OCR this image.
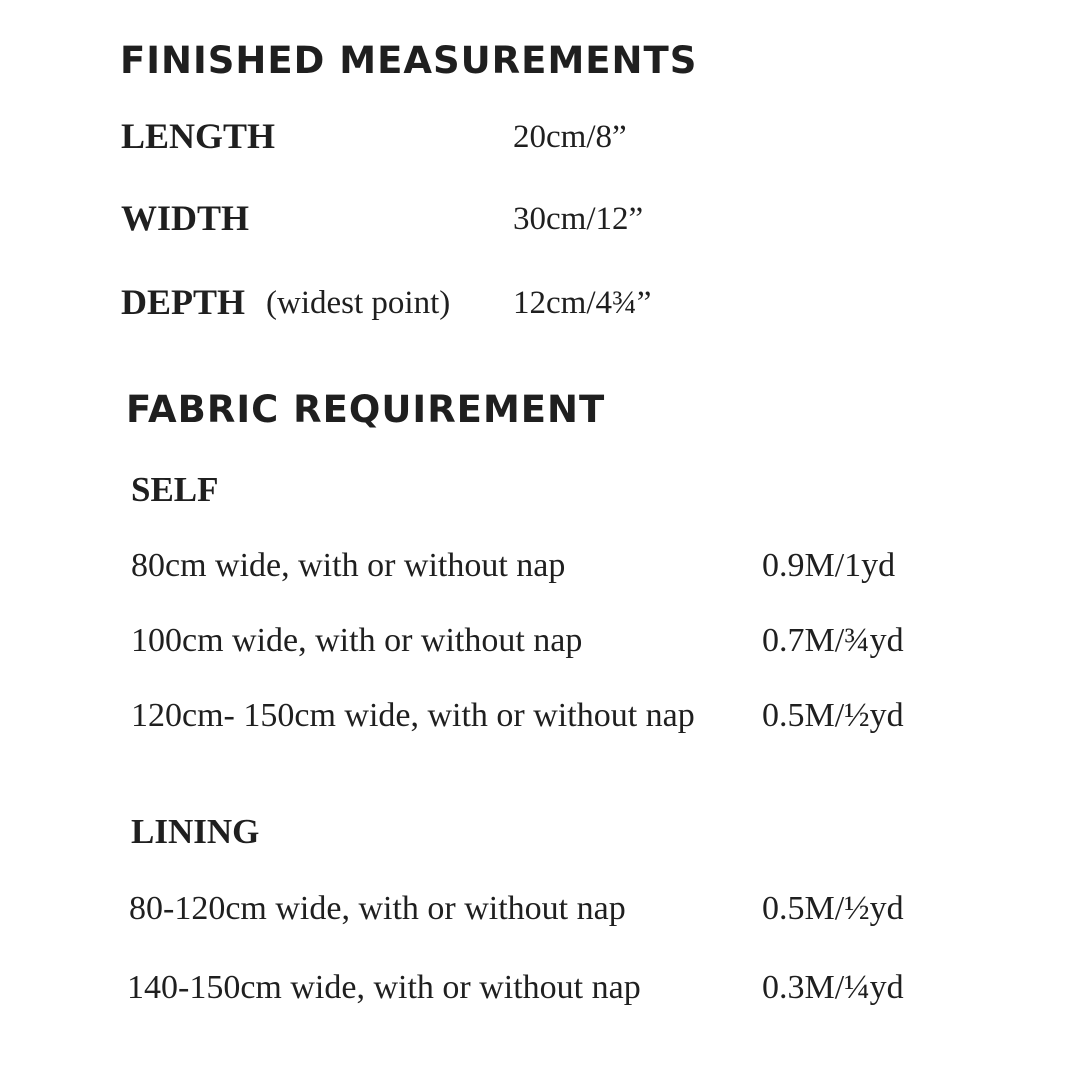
FINISHED MEASUREMENTS
LENGTH	20cm/8”
WIDTH	30cm/12”
DEPTH (widest point) 12cm/4¾”
FABRIC REQUIREMENT
SELF
80cm wide, with or without nap	0.9M/1yd
100cm wide, with or without nap	0.7M/¾yd
120cm- 150cm wide, with or without nap 0.5M/½yd
LINING
80-120cm wide, with or without nap	0.5M/½yd
140-150cm wide, with or without nap	0.3M/¼yd
